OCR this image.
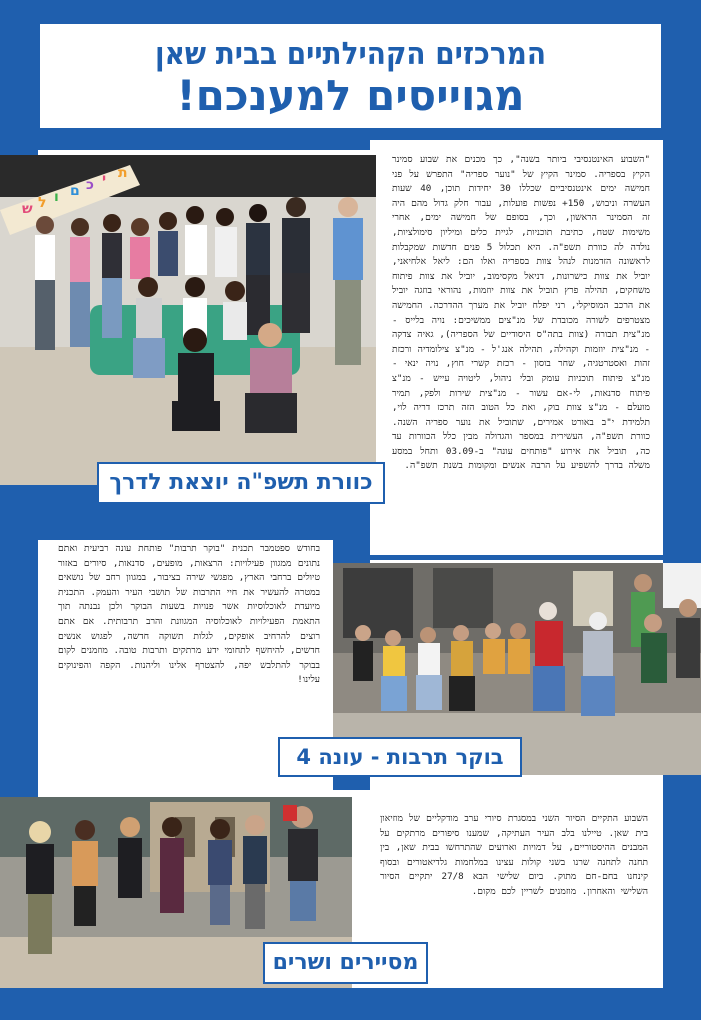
המרכזים הקהילתיים בבית שאן
מגוייסים למענכם!
ש ל ו ם כ י ת
כוורת תשפ"ה יוצאת לדרך
"השבוע האינטנסיבי ביותר בשנה", כך מכנים את שבוע סמינר הקיץ בספריה. סמינר הקיץ של "נוער ספריה" התפרש על פני חמישה ימים אינטנסיביים שכללו 30 יחידות תוכן, 40 שעות העשרה וניבוש, 150+ נפשות פועלות, עבור חלק גדול מהם היה זה הסמינר הראשון, וכך, בסופם של חמישה ימים, אחרי משימות שטח, כתיבת תוכניות, לגיית כלים ומיליון סימולציות, נולדה לה כוורת תשפ"ה. היא תכלול 5 פנים חדשות שמקבלות לראשונה הזדמנות לנהל צוות בספריה ואלו הם: ליאל אלחיאני, יוביל את צוות כישרונות, דניאל מקסימוב, יוביל את צוות פיתוח משחקים, תהילה פרץ תוביל את צוות יוזמות, נהוראי בוזגה יוביל את הרכב המוסיקלי, רני יפלח יוביל את מערך ההדרכה. החמישה מצטרפים לשורה מכובדת של מנ"צים ממשיכים: נויה בלייס - מנ"צית תבורה (צוות בתה"ס היסודיים של הספריה), גאיה צדקה - מנ"צית יוזמות וקהילה, תהילה אנג'ל - מנ"צ צילומדיה ורכזת זהות ואסטרטגיה, שחר בוסון - רכזת קשרי חוץ, נויה ינאי - מנ"צ פיתוח תוכניות עומק ובלי ניהול, ליטויה עייש - מנ"צ פיתוח סדנאות, לי-אם עשור - מנ"צית שירות ולפק, תמיר מועלם - מנ"צ צוות בוק, ואת כל הטוב הזה תרכז דריה לוי, תלמידת י"ב באורט אמירים, שתוביל את נוער ספריה השנה. כוורת תשפ"ה, העשירית במספר והגדולה מבין כלל הכוורות עד כה, תוביל את אירוע "פותחים עונה" ב-03.09 ותחל במסע משלה בדרך להשפיע על הרבה אנשים ומקומות בשנת תשפ"ה.
בחודש ספטמבר תכנית "בוקר תרבות" פותחת עונה רביעית ואתם נתונים ממגוון פעילויות: הרצאות, מופעים, סדנאות, סיורים באזור טיולים ברחבי הארץ, מפגשי שירה בציבור, במגוון רחב של נושאים במטרה להעשיר את חיי התרבות של תושבי העיר והעמק. התכנית מיועדת לאוכלוסיות אשר פנויות בשעות הבוקר ולכן נבנתה תוך התאמת הפעילויות לאוכלוסיה המגוונת והרב תרבותית. אם אתם רוצים להרחיב אופקים, לגלות תשוקה חדשה, לפגוש אנשים חדשים, להיחשף לתחומי ידע מרתקים ותרבות טובה. מוזמנים לקום בבוקר להתלבש יפה, להצטרף אלינו וליהנות. הקפה והפינוקים עלינו!
בוקר תרבות - עונה 4
מסיירים ושרים
השבוע התקיים הסיור השני במסגרת סיורי ערב מודקליים של מוזיאון בית שאן. טיילנו בלב העיר העתיקה, שמענו סיפורים מרתקים על המבנים ההיסטוריים, על דמויות וארועים שהתרחשו בבית שאן, בין תחנה לתחנה שרנו בשני קולות עצינו במלחמות גלדיאטורים ובסוף קינחנו בחם-חם מתוק. ביום שלישי הבא 27/8 יתקיים הסיור השלישי והאחרון. מוזמנים לשריין לכם מקום.
